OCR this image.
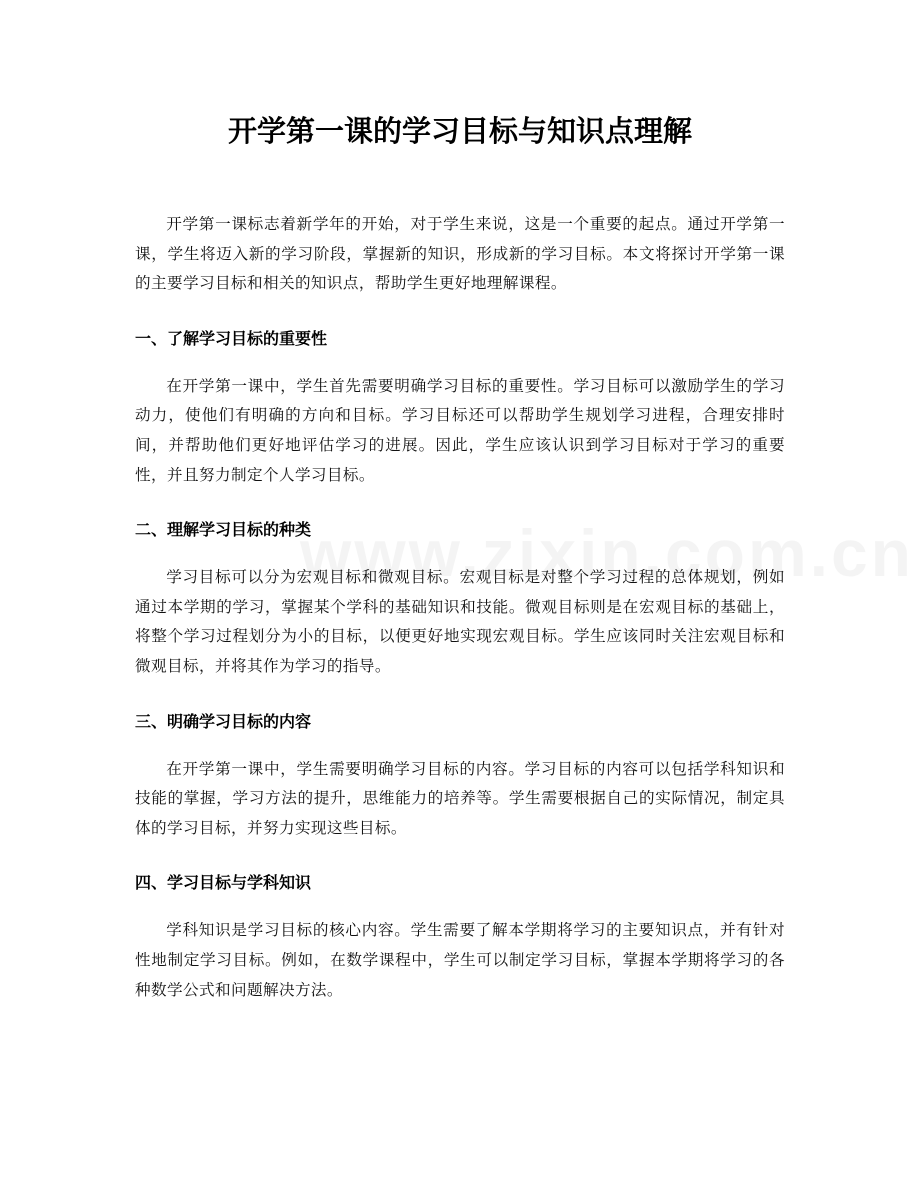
开学第一课的学习目标与知识点理解

开学第一课标志着新学年的开始，对于学生来说，这是一个重要的起点。通过开学第一课，学生将迈入新的学习阶段，掌握新的知识，形成新的学习目标。本文将探讨开学第一课的主要学习目标和相关的知识点，帮助学生更好地理解课程。

一、了解学习目标的重要性

在开学第一课中，学生首先需要明确学习目标的重要性。学习目标可以激励学生的学习动力，使他们有明确的方向和目标。学习目标还可以帮助学生规划学习进程，合理安排时间，并帮助他们更好地评估学习的进展。因此，学生应该认识到学习目标对于学习的重要性，并且努力制定个人学习目标。

二、理解学习目标的种类

学习目标可以分为宏观目标和微观目标。宏观目标是对整个学习过程的总体规划，例如通过本学期的学习，掌握某个学科的基础知识和技能。微观目标则是在宏观目标的基础上，将整个学习过程划分为小的目标，以便更好地实现宏观目标。学生应该同时关注宏观目标和微观目标，并将其作为学习的指导。

三、明确学习目标的内容

在开学第一课中，学生需要明确学习目标的内容。学习目标的内容可以包括学科知识和技能的掌握，学习方法的提升，思维能力的培养等。学生需要根据自己的实际情况，制定具体的学习目标，并努力实现这些目标。

四、学习目标与学科知识

学科知识是学习目标的核心内容。学生需要了解本学期将学习的主要知识点，并有针对性地制定学习目标。例如，在数学课程中，学生可以制定学习目标，掌握本学期将学习的各种数学公式和问题解决方法。
